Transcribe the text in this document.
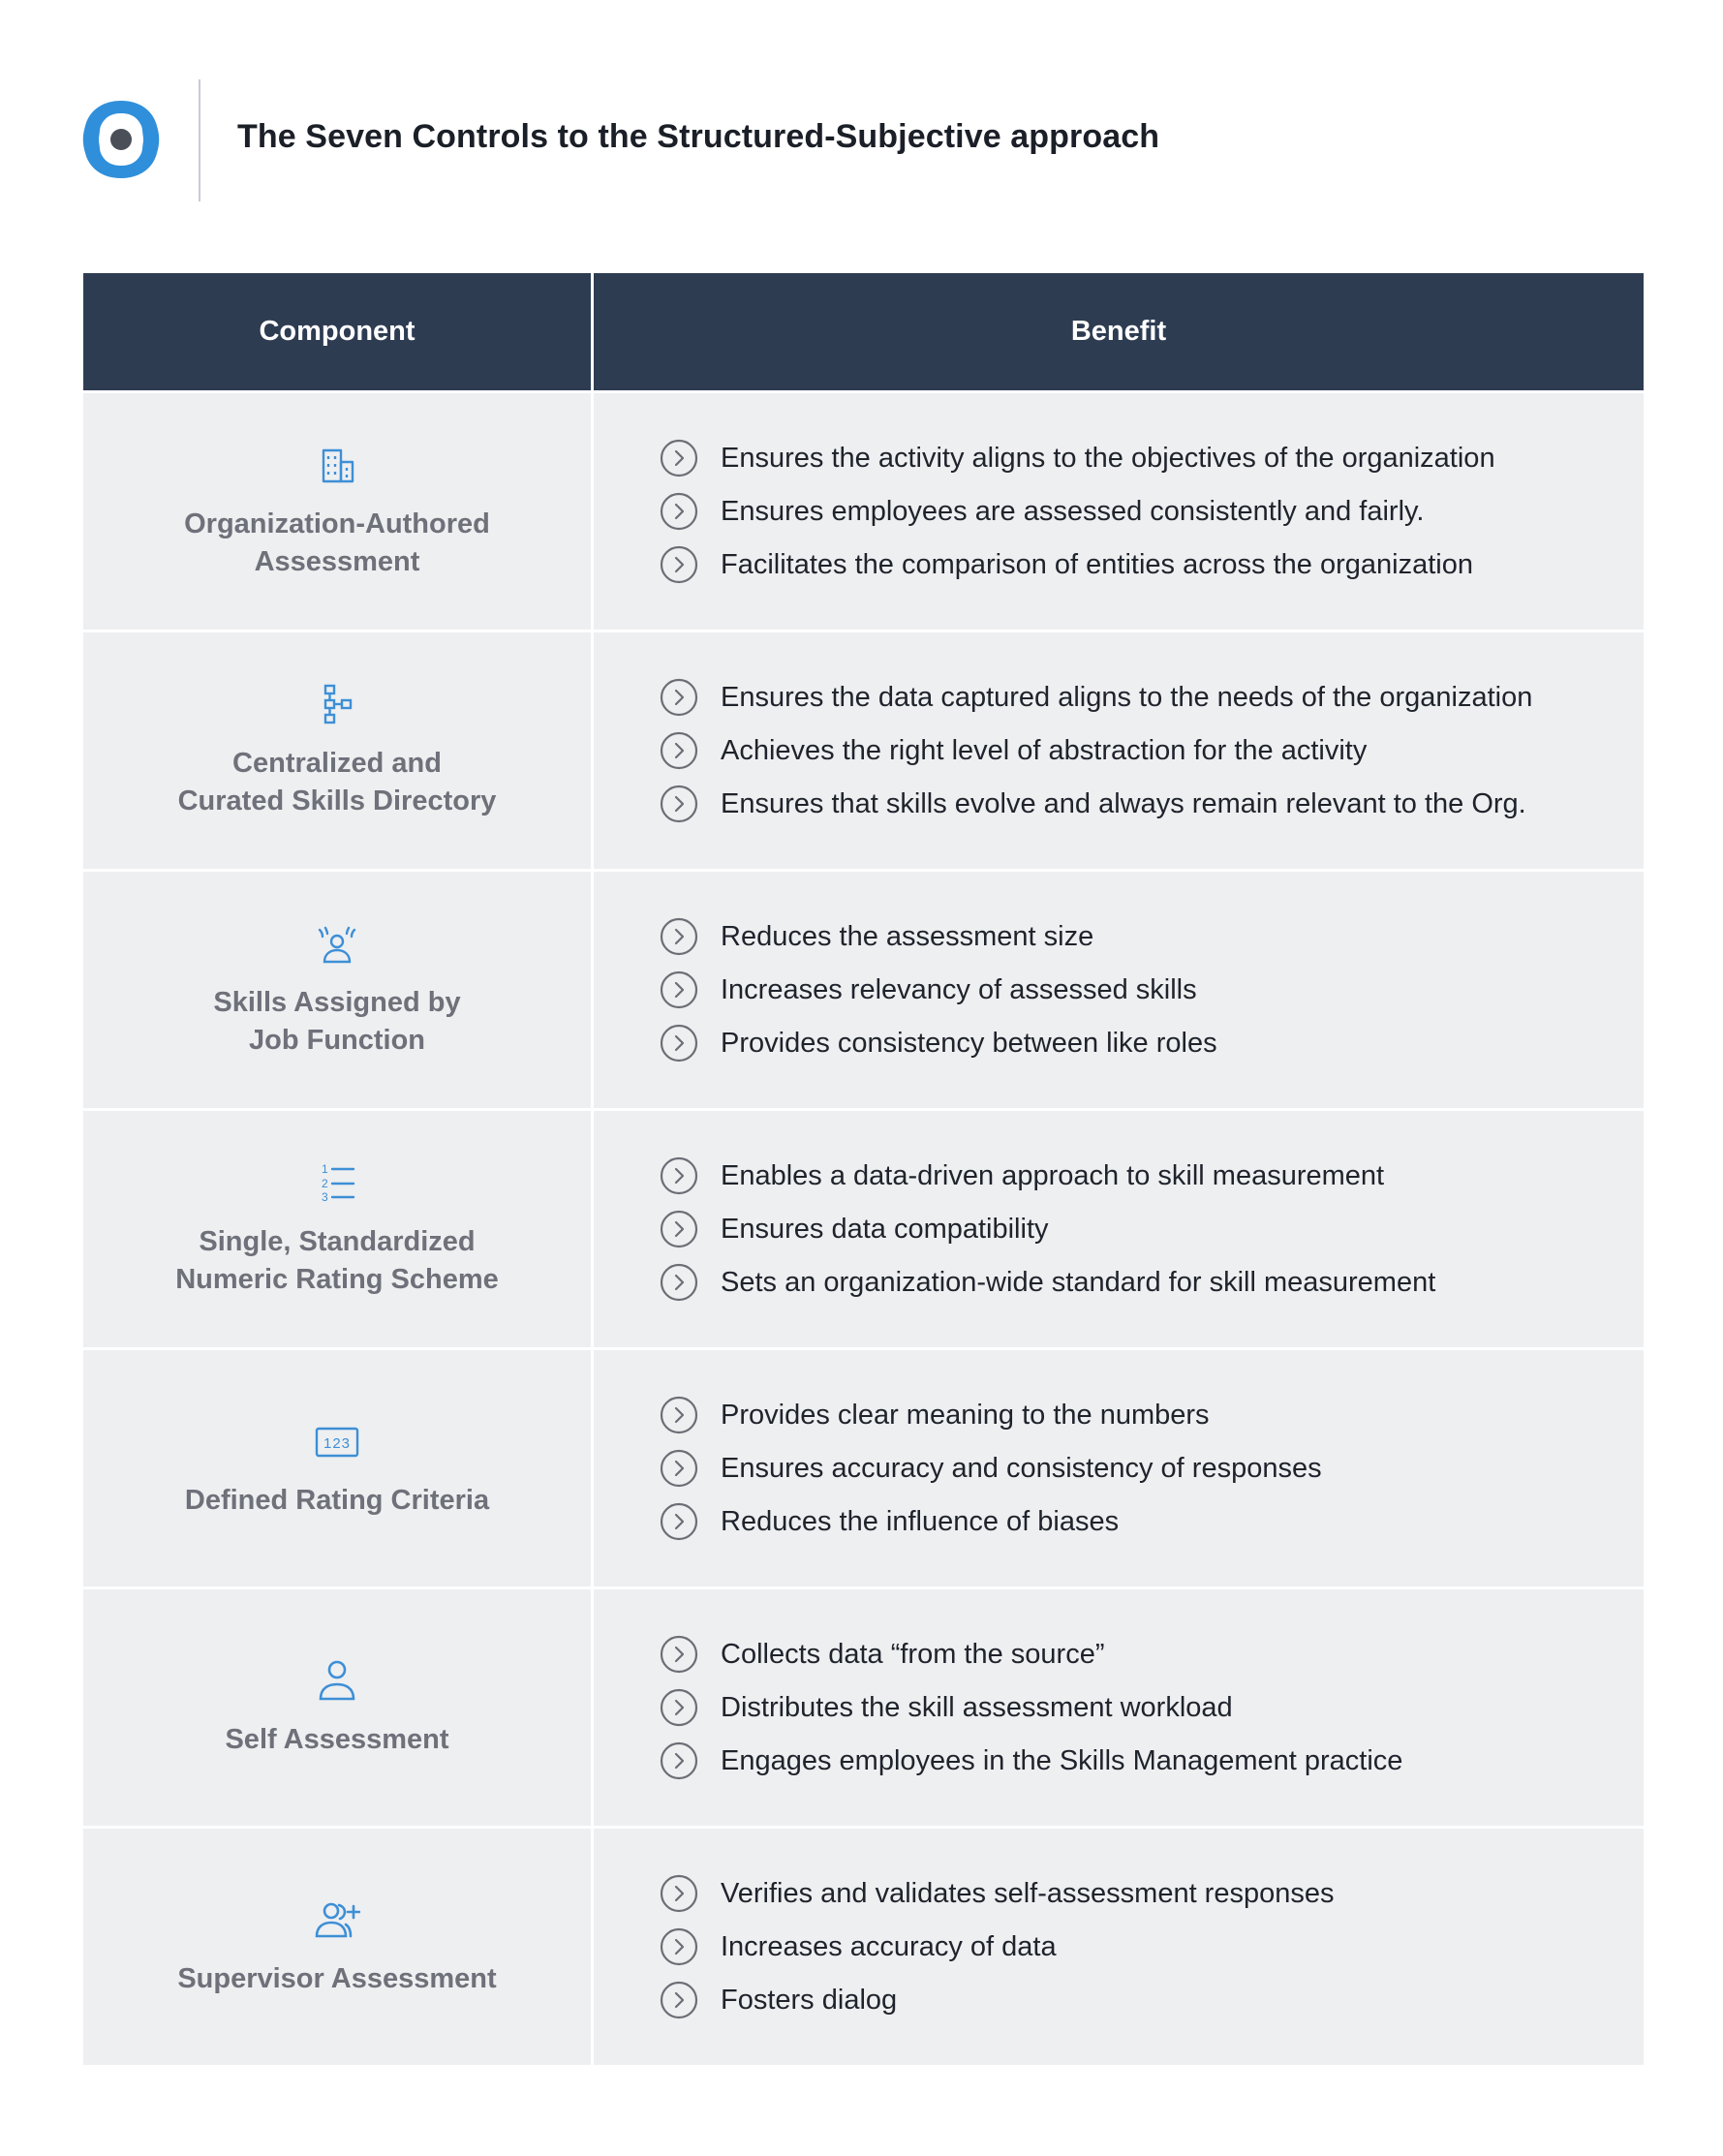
The Seven Controls to the Structured-Subjective approach
Component	Benefit
Organization-Authored
Assessment
Ensures the activity aligns to the objectives of the organization
Ensures employees are assessed consistently and fairly.
Facilitates the comparison of entities across the organization
Centralized and
Curated Skills Directory
Ensures the data captured aligns to the needs of the organization
Achieves the right level of abstraction for the activity
Ensures that skills evolve and always remain relevant to the Org.
Skills Assigned by
Job Function
Reduces the assessment size
Increases relevancy of assessed skills
Provides consistency between like roles
1
2
3
Single, Standardized
Numeric Rating Scheme
Enables a data-driven approach to skill measurement
Ensures data compatibility
Sets an organization-wide standard for skill measurement
123
Defined Rating Criteria
Provides clear meaning to the numbers
Ensures accuracy and consistency of responses
Reduces the influence of biases
Self Assessment
Collects data “from the source”
Distributes the skill assessment workload
Engages employees in the Skills Management practice
Supervisor Assessment
Verifies and validates self-assessment responses
Increases accuracy of data
Fosters dialog
